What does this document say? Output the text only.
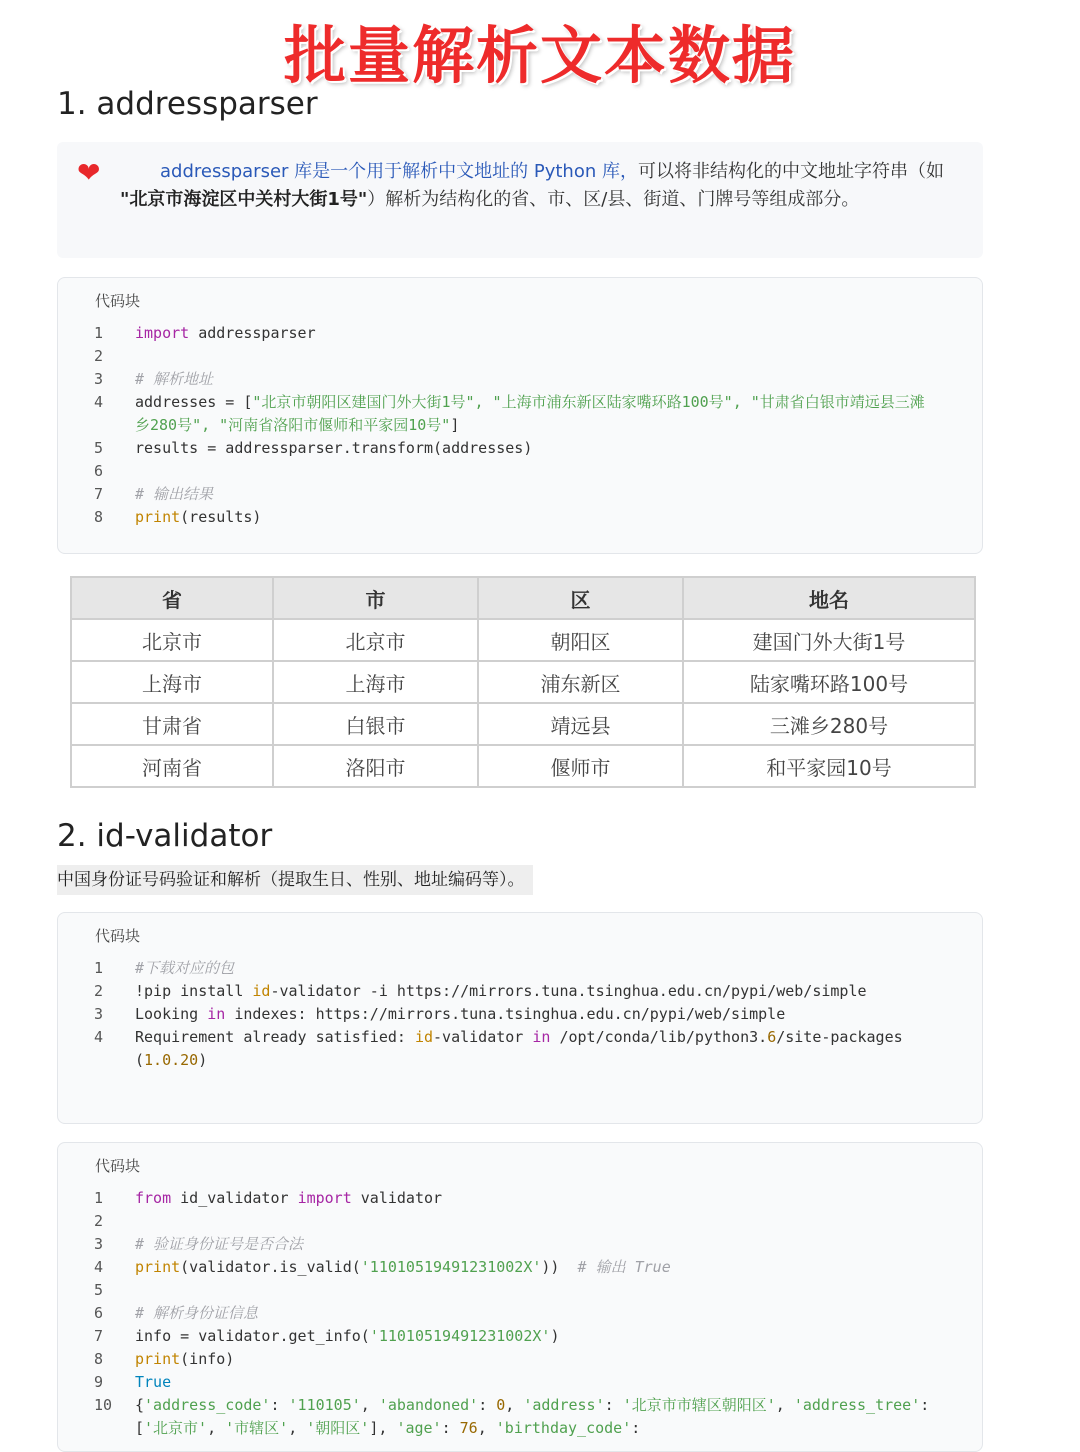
批量解析文本数据
1. addressparser
❤	addressparser 库是一个用于解析中文地址的 Python 库，可以将非结构化的中文地址字符串（如 "北京市海淀区中关村大街1号"）解析为结构化的省、市、区/县、街道、门牌号等组成部分。
代码块
1	import addressparser
2

3	# 解析地址
4	addresses = ["北京市朝阳区建国门外大街1号", "上海市浦东新区陆家嘴环路100号", "甘肃省白银市靖远县三滩乡280号", "河南省洛阳市偃师和平家园10号"]
5	results = addressparser.transform(addresses)
6

7	# 输出结果
8	print(results)
省	市	区	地名
北京市	北京市	朝阳区	建国门外大街1号
上海市	上海市	浦东新区	陆家嘴环路100号
甘肃省	白银市	靖远县	三滩乡280号
河南省	洛阳市	偃师市	和平家园10号
2. id-validator
中国身份证号码验证和解析（提取生日、性别、地址编码等）。
代码块
1	#下载对应的包
2	!pip install id-validator -i https://mirrors.tuna.tsinghua.edu.cn/pypi/web/simple
3	Looking in indexes: https://mirrors.tuna.tsinghua.edu.cn/pypi/web/simple
4	Requirement already satisfied: id-validator in /opt/conda/lib/python3.6/site-packages (1.0.20)
代码块
1	from id_validator import validator
2

3	# 验证身份证号是否合法
4	print(validator.is_valid('11010519491231002X'))  # 输出 True
5

6	# 解析身份证信息
7	info = validator.get_info('11010519491231002X')
8	print(info)
9	True
10 {'address_code': '110105', 'abandoned': 0, 'address': '北京市市辖区朝阳区', 'address_tree': ['北京市', '市辖区', '朝阳区'], 'age': 76, 'birthday_code':
